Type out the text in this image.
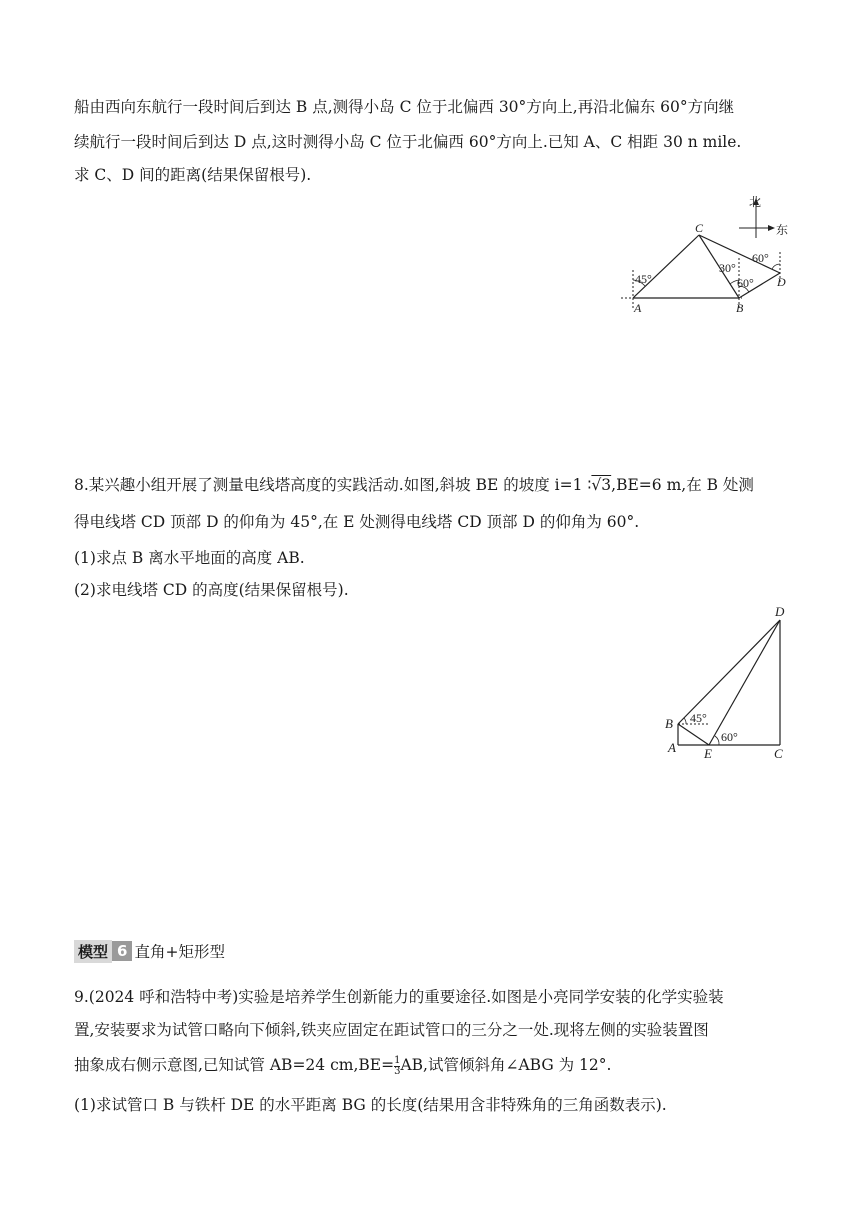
船由西向东航行一段时间后到达 B 点,测得小岛 C 位于北偏西 30°方向上,再沿北偏东 60°方向继
续航行一段时间后到达 D 点,这时测得小岛 C 位于北偏西 60°方向上.已知 A、C 相距 30 n mile.
求 C、D 间的距离(结果保留根号).
北
东
45°
30°
60°
60°
A	B
C
D
8.某兴趣小组开展了测量电线塔高度的实践活动.如图,斜坡 BE 的坡度 i=1 ∶√3,BE=6 m,在 B 处测
得电线塔 CD 顶部 D 的仰角为 45°,在 E 处测得电线塔 CD 顶部 D 的仰角为 60°.
(1)求点 B 离水平地面的高度 AB.
(2)求电线塔 CD 的高度(结果保留根号).
D
B
A E	C
45°
60°
模型 6 直角+矩形型
9.(2024 呼和浩特中考)实验是培养学生创新能力的重要途径.如图是小亮同学安装的化学实验装
置,安装要求为试管口略向下倾斜,铁夹应固定在距试管口的三分之一处.现将左侧的实验装置图
抽象成右侧示意图,已知试管 AB=24 $cm,BE= \frac{1}{3}$ AB,试管倾斜角∠ABG 为 12°.
(1)求试管口 B 与铁杆 DE 的水平距离 BG 的长度(结果用含非特殊角的三角函数表示).
